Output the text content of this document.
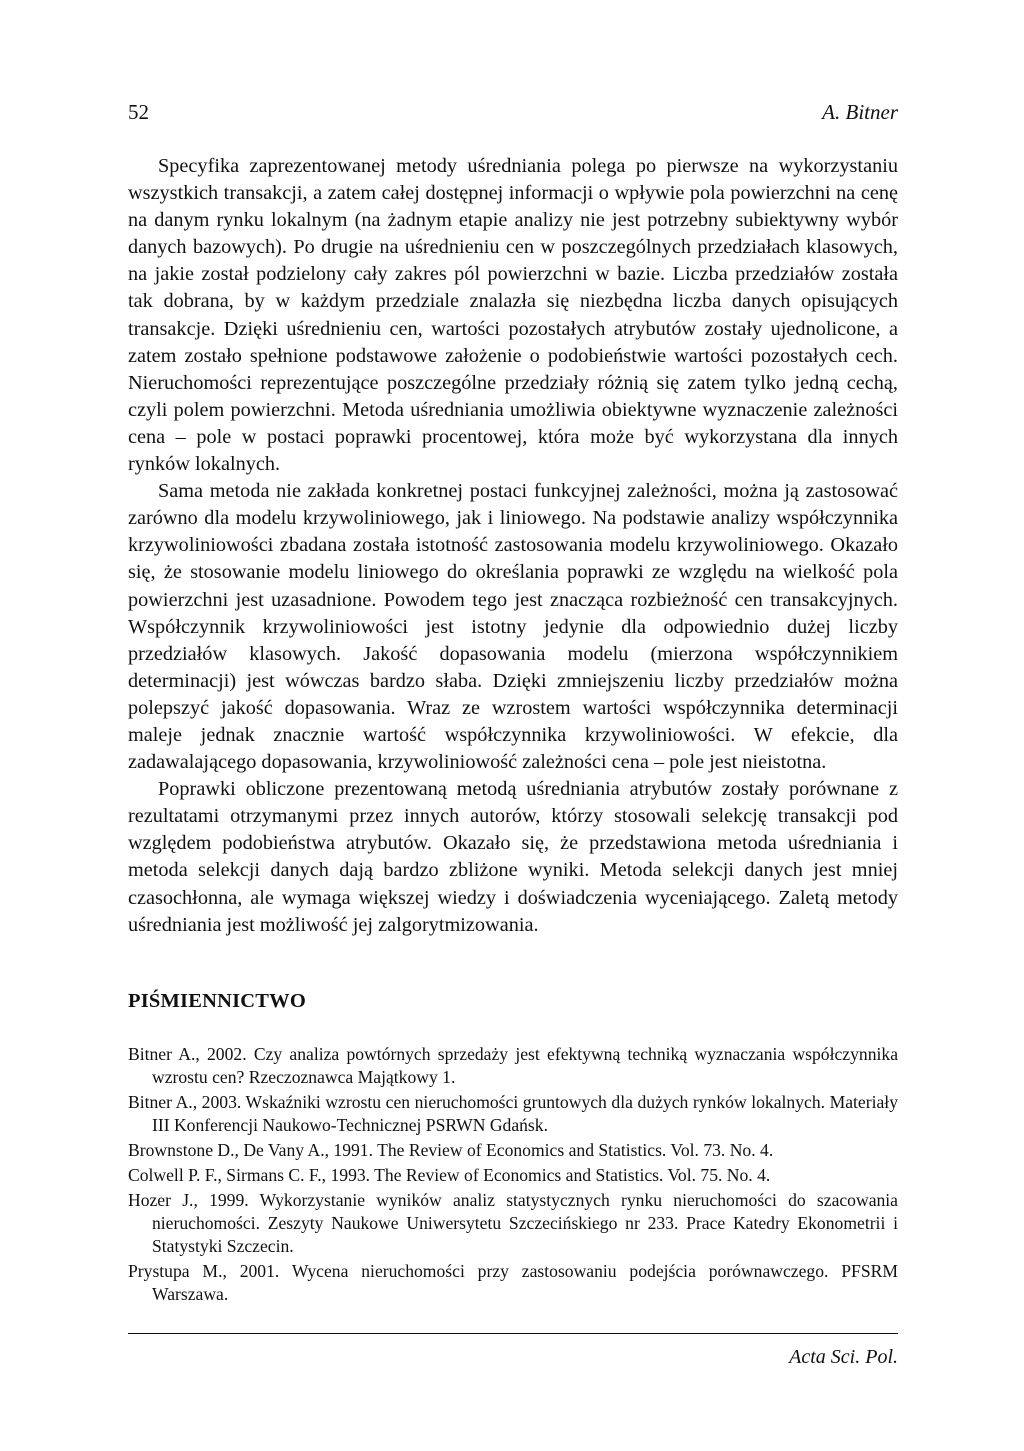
52	A. Bitner

Specyfika zaprezentowanej metody uśredniania polega po pierwsze na wykorzystaniu wszystkich transakcji, a zatem całej dostępnej informacji o wpływie pola powierzchni na cenę na danym rynku lokalnym (na żadnym etapie analizy nie jest potrzebny subiektywny wybór danych bazowych). Po drugie na uśrednieniu cen w poszczególnych przedziałach klasowych, na jakie został podzielony cały zakres pól powierzchni w bazie. Liczba przedziałów została tak dobrana, by w każdym przedziale znalazła się niezbędna liczba danych opisujących transakcje. Dzięki uśrednieniu cen, wartości pozostałych atrybutów zostały ujednolicone, a zatem zostało spełnione podstawowe założenie o podobieństwie wartości pozostałych cech. Nieruchomości reprezentujące poszczególne przedziały różnią się zatem tylko jedną cechą, czyli polem powierzchni. Metoda uśredniania umożliwia obiektywne wyznaczenie zależności cena – pole w postaci poprawki procentowej, która może być wykorzystana dla innych rynków lokalnych.

Sama metoda nie zakłada konkretnej postaci funkcyjnej zależności, można ją zastosować zarówno dla modelu krzywoliniowego, jak i liniowego. Na podstawie analizy współczynnika krzywoliniowości zbadana została istotność zastosowania modelu krzywoliniowego. Okazało się, że stosowanie modelu liniowego do określania poprawki ze względu na wielkość pola powierzchni jest uzasadnione. Powodem tego jest znacząca rozbieżność cen transakcyjnych. Współczynnik krzywoliniowości jest istotny jedynie dla odpowiednio dużej liczby przedziałów klasowych. Jakość dopasowania modelu (mierzona współczynnikiem determinacji) jest wówczas bardzo słaba. Dzięki zmniejszeniu liczby przedziałów można polepszyć jakość dopasowania. Wraz ze wzrostem wartości współczynnika determinacji maleje jednak znacznie wartość współczynnika krzywoliniowości. W efekcie, dla zadawalającego dopasowania, krzywoliniowość zależności cena – pole jest nieistotna.

Poprawki obliczone prezentowaną metodą uśredniania atrybutów zostały porównane z rezultatami otrzymanymi przez innych autorów, którzy stosowali selekcję transakcji pod względem podobieństwa atrybutów. Okazało się, że przedstawiona metoda uśredniania i metoda selekcji danych dają bardzo zbliżone wyniki. Metoda selekcji danych jest mniej czasochłonna, ale wymaga większej wiedzy i doświadczenia wyceniającego. Zaletą metody uśredniania jest możliwość jej zalgorytmizowania.

PIŚMIENNICTWO
Bitner A., 2002. Czy analiza powtórnych sprzedaży jest efektywną techniką wyznaczania współczynnika wzrostu cen? Rzeczoznawca Majątkowy 1.
Bitner A., 2003. Wskaźniki wzrostu cen nieruchomości gruntowych dla dużych rynków lokalnych. Materiały III Konferencji Naukowo-Technicznej PSRWN Gdańsk.
Brownstone D., De Vany A., 1991. The Review of Economics and Statistics. Vol. 73. No. 4.
Colwell P. F., Sirmans C. F., 1993. The Review of Economics and Statistics. Vol. 75. No. 4.
Hozer J., 1999. Wykorzystanie wyników analiz statystycznych rynku nieruchomości do szacowania nieruchomości. Zeszyty Naukowe Uniwersytetu Szczecińskiego nr 233. Prace Katedry Ekonometrii i Statystyki Szczecin.
Prystupa M., 2001. Wycena nieruchomości przy zastosowaniu podejścia porównawczego. PFSRM Warszawa.
Acta Sci. Pol.
